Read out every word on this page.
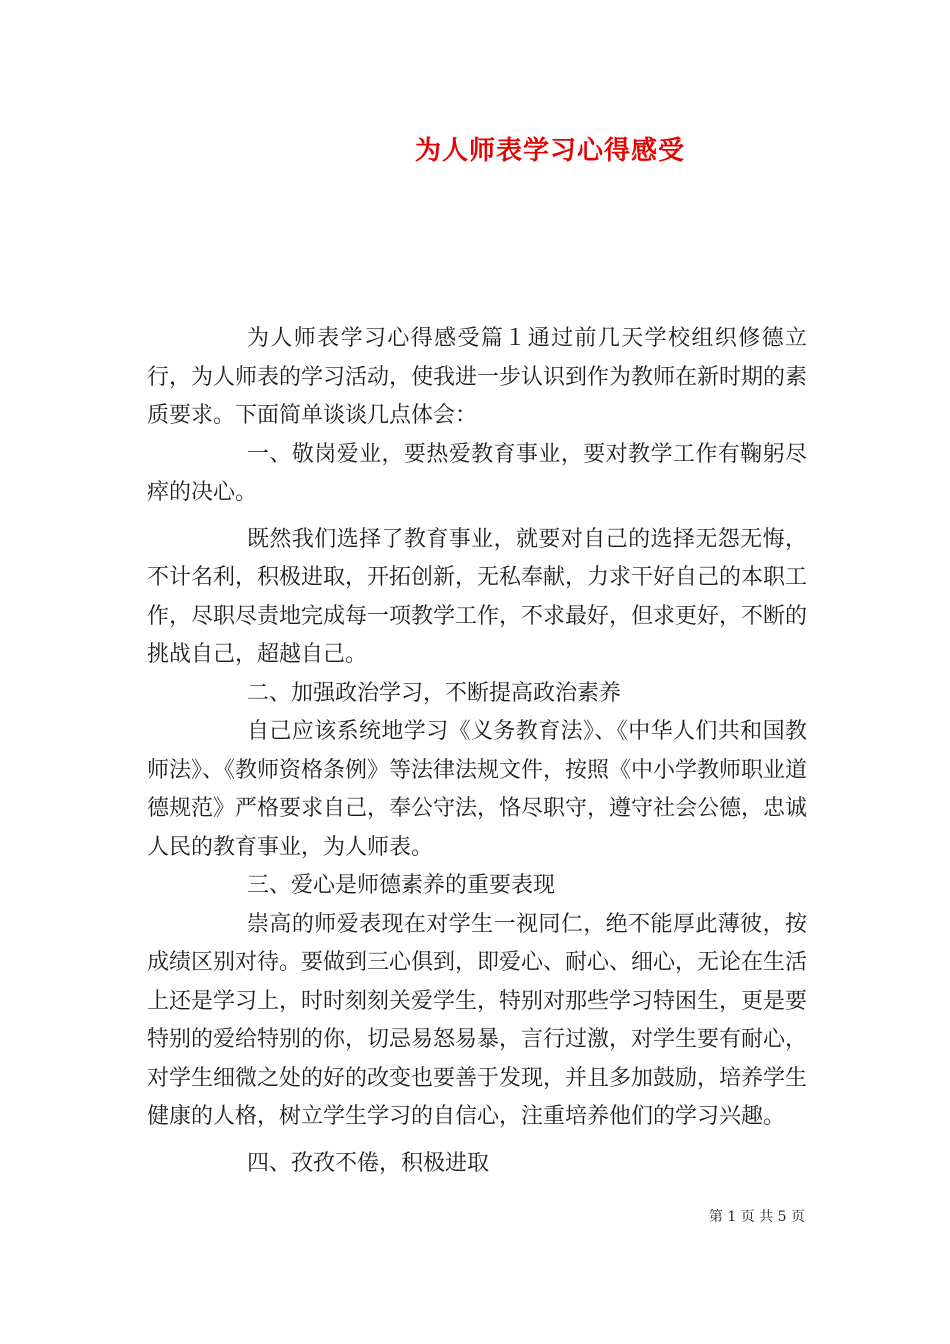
为人师表学习心得感受

为人师表学习心得感受篇１通过前几天学校组织修德立行，为人师表的学习活动，使我进一步认识到作为教师在新时期的素质要求。下面简单谈谈几点体会：

一、敬岗爱业，要热爱教育事业，要对教学工作有鞠躬尽瘁的决心。

既然我们选择了教育事业，就要对自己的选择无怨无悔，不计名利，积极进取，开拓创新，无私奉献，力求干好自己的本职工作，尽职尽责地完成每一项教学工作，不求最好，但求更好，不断的挑战自己，超越自己。

二、加强政治学习，不断提高政治素养

自己应该系统地学习《义务教育法》、《中华人们共和国教师法》、《教师资格条例》等法律法规文件，按照《中小学教师职业道德规范》严格要求自己，奉公守法，恪尽职守，遵守社会公德，忠诚人民的教育事业，为人师表。

三、爱心是师德素养的重要表现

崇高的师爱表现在对学生一视同仁，绝不能厚此薄彼，按成绩区别对待。要做到三心俱到，即爱心、耐心、细心，无论在生活上还是学习上，时时刻刻关爱学生，特别对那些学习特困生，更是要特别的爱给特别的你，切忌易怒易暴，言行过激，对学生要有耐心，对学生细微之处的好的改变也要善于发现，并且多加鼓励，培养学生健康的人格，树立学生学习的自信心，注重培养他们的学习兴趣。

四、孜孜不倦，积极进取

第 1 页 共 5 页
